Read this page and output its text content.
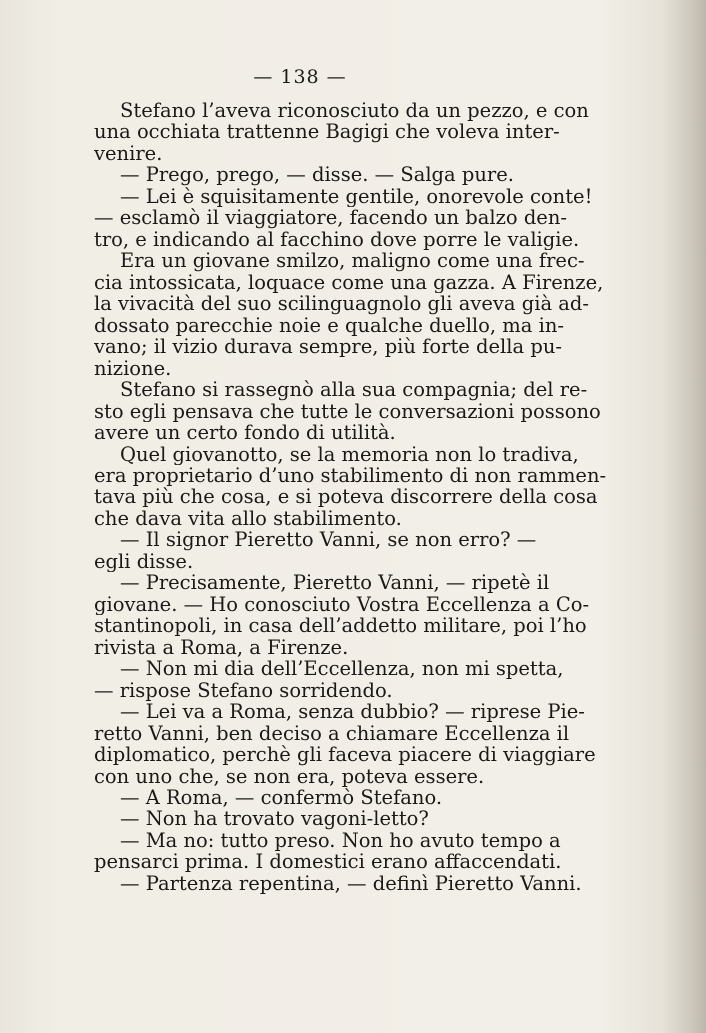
— 138 —
Stefano l’aveva riconosciuto da un pezzo, e con
una occhiata trattenne Bagigi che voleva inter-
venire.
— Prego, prego, — disse. — Salga pure.
— Lei è squisitamente gentile, onorevole conte!
— esclamò il viaggiatore, facendo un balzo den-
tro, e indicando al facchino dove porre le valigie.
Era un giovane smilzo, maligno come una frec-
cia intossicata, loquace come una gazza. A Firenze,
la vivacità del suo scilinguagnolo gli aveva già ad-
dossato parecchie noie e qualche duello, ma in-
vano; il vizio durava sempre, più forte della pu-
nizione.
Stefano si rassegnò alla sua compagnia; del re-
sto egli pensava che tutte le conversazioni possono
avere un certo fondo di utilità.
Quel giovanotto, se la memoria non lo tradiva,
era proprietario d’uno stabilimento di non rammen-
tava più che cosa, e si poteva discorrere della cosa
che dava vita allo stabilimento.
— Il signor Pieretto Vanni, se non erro? —
egli disse.
— Precisamente, Pieretto Vanni, — ripetè il
giovane. — Ho conosciuto Vostra Eccellenza a Co-
stantinopoli, in casa dell’addetto militare, poi l’ho
rivista a Roma, a Firenze.
— Non mi dia dell’Eccellenza, non mi spetta,
— rispose Stefano sorridendo.
— Lei va a Roma, senza dubbio? — riprese Pie-
retto Vanni, ben deciso a chiamare Eccellenza il
diplomatico, perchè gli faceva piacere di viaggiare
con uno che, se non era, poteva essere.
— A Roma, — confermò Stefano.
— Non ha trovato vagoni-letto?
— Ma no: tutto preso. Non ho avuto tempo a
pensarci prima. I domestici erano affaccendati.
— Partenza repentina, — definì Pieretto Vanni.
